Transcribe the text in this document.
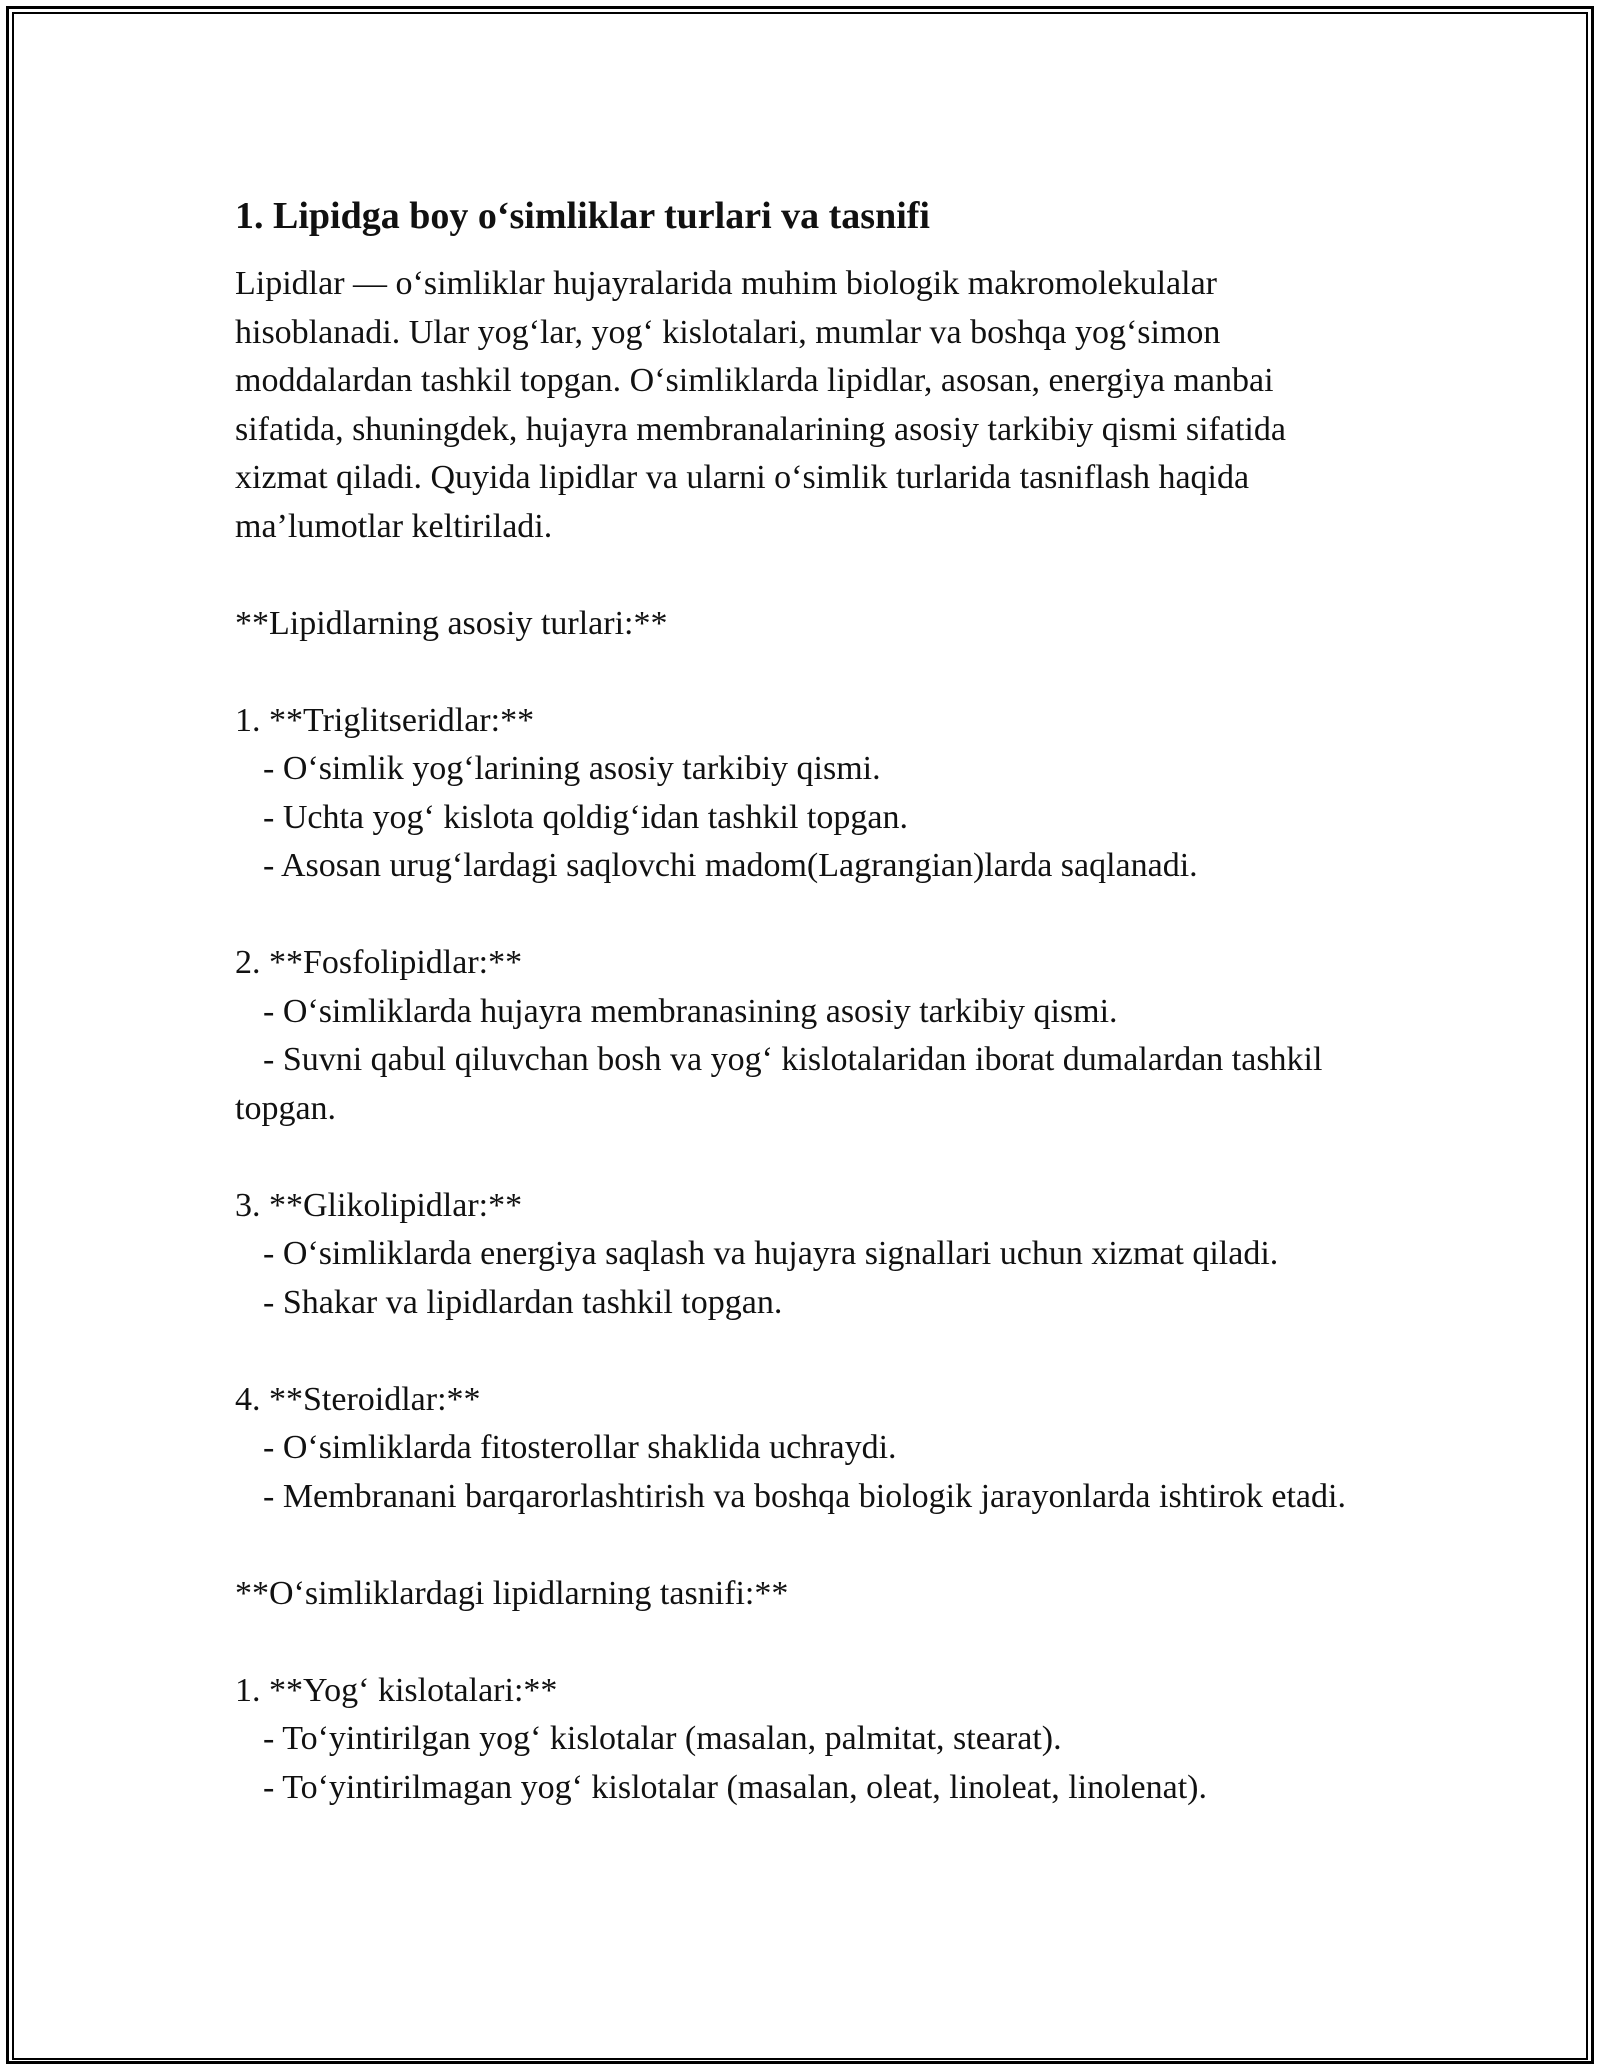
1. Lipidga boy o‘simliklar turlari va tasnifi

Lipidlar — o‘simliklar hujayralarida muhim biologik makromolekulalar hisoblanadi. Ular yog‘lar, yog‘ kislotalari, mumlar va boshqa yog‘simon moddalardan tashkil topgan. O‘simliklarda lipidlar, asosan, energiya manbai sifatida, shuningdek, hujayra membranalarining asosiy tarkibiy qismi sifatida xizmat qiladi. Quyida lipidlar va ularni o‘simlik turlarida tasniflash haqida ma’lumotlar keltiriladi.

**Lipidlarning asosiy turlari:**

1. **Triglitseridlar:**

- O‘simlik yog‘larining asosiy tarkibiy qismi.

- Uchta yog‘ kislota qoldig‘idan tashkil topgan.

- Asosan urug‘lardagi saqlovchi madom(Lagrangian)larda saqlanadi.

2. **Fosfolipidlar:**

- O‘simliklarda hujayra membranasining asosiy tarkibiy qismi.

- Suvni qabul qiluvchan bosh va yog‘ kislotalaridan iborat dumalardan tashkil topgan.

3. **Glikolipidlar:**

- O‘simliklarda energiya saqlash va hujayra signallari uchun xizmat qiladi.

- Shakar va lipidlardan tashkil topgan.

4. **Steroidlar:**

- O‘simliklarda fitosterollar shaklida uchraydi.

- Membranani barqarorlashtirish va boshqa biologik jarayonlarda ishtirok etadi.

**O‘simliklardagi lipidlarning tasnifi:**

1. **Yog‘ kislotalari:**

- To‘yintirilgan yog‘ kislotalar (masalan, palmitat, stearat).

- To‘yintirilmagan yog‘ kislotalar (masalan, oleat, linoleat, linolenat).
